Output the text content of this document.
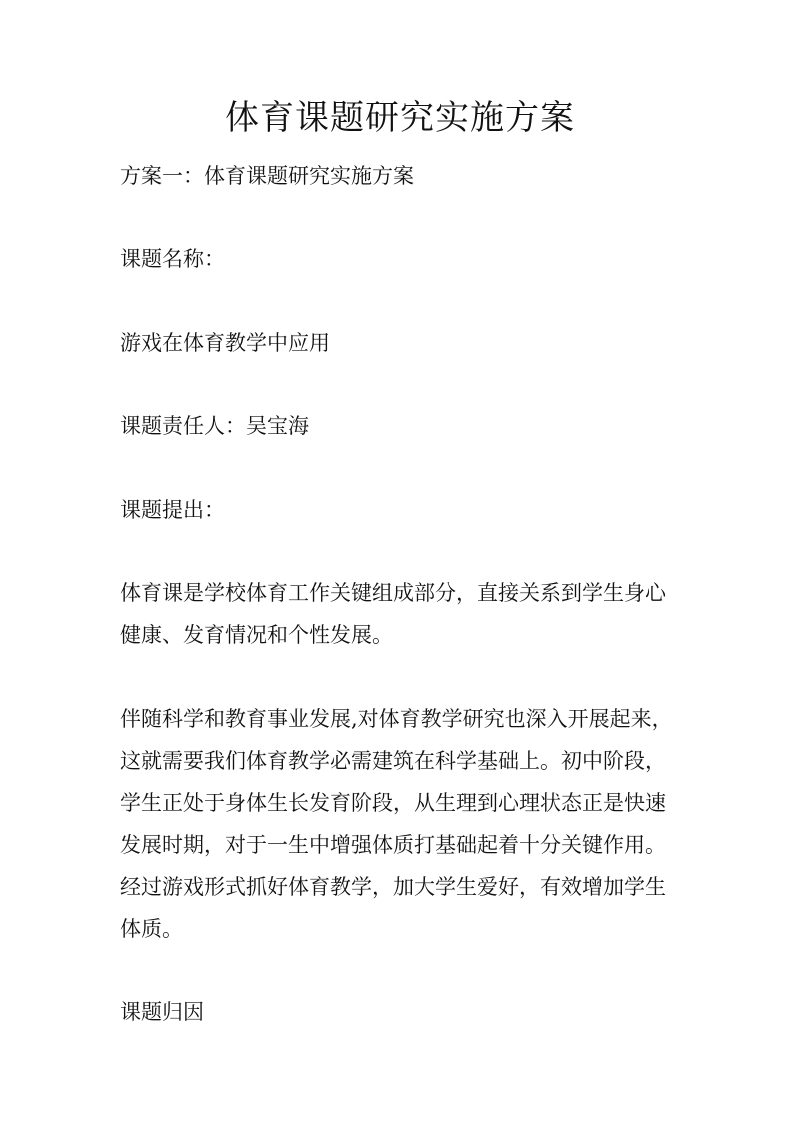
体育课题研究实施方案
方案一：体育课题研究实施方案
课题名称：
游戏在体育教学中应用
课题责任人：吴宝海
课题提出：
体育课是学校体育工作关键组成部分，直接关系到学生身心
健康、发育情况和个性发展。
伴随科学和教育事业发展,对体育教学研究也深入开展起来，
这就需要我们体育教学必需建筑在科学基础上。初中阶段，
学生正处于身体生长发育阶段，从生理到心理状态正是快速
发展时期，对于一生中增强体质打基础起着十分关键作用。
经过游戏形式抓好体育教学，加大学生爱好，有效增加学生
体质。
课题归因
